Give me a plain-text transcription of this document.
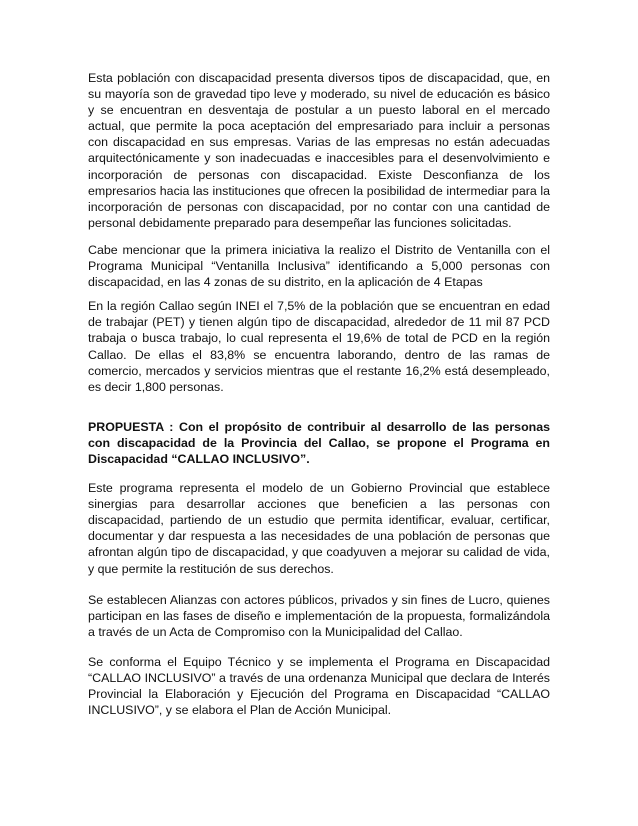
Esta población con discapacidad presenta diversos tipos de discapacidad, que, en su mayoría son de gravedad tipo leve y moderado, su nivel de educación es básico y se encuentran en desventaja de postular a un puesto laboral en el mercado actual, que permite la poca aceptación del empresariado para incluir a personas con discapacidad en sus empresas. Varias de las empresas no están adecuadas arquitectónicamente y son inadecuadas e inaccesibles para el desenvolvimiento e incorporación de personas con discapacidad. Existe Desconfianza de los empresarios hacia las instituciones que ofrecen la posibilidad de intermediar para la incorporación de personas con discapacidad, por no contar con una cantidad de personal debidamente preparado para desempeñar las funciones solicitadas.

Cabe mencionar que la primera iniciativa la realizo el Distrito de Ventanilla con el Programa Municipal “Ventanilla Inclusiva” identificando a 5,000 personas con discapacidad, en las 4 zonas de su distrito, en la aplicación de 4 Etapas

En la región Callao según INEI el 7,5% de la población que se encuentran en edad de trabajar (PET) y tienen algún tipo de discapacidad, alrededor de 11 mil 87 PCD trabaja o busca trabajo, lo cual representa el 19,6% de total de PCD en la región Callao. De ellas el 83,8% se encuentra laborando, dentro de las ramas de comercio, mercados y servicios mientras que el restante 16,2% está desempleado, es decir 1,800 personas.

PROPUESTA : Con el propósito de contribuir al desarrollo de las personas con discapacidad de la Provincia del Callao, se propone el Programa en Discapacidad “CALLAO INCLUSIVO”.

Este programa representa el modelo de un Gobierno Provincial que establece sinergias para desarrollar acciones que beneficien a las personas con discapacidad, partiendo de un estudio que permita identificar, evaluar, certificar, documentar y dar respuesta a las necesidades de una población de personas que afrontan algún tipo de discapacidad, y que coadyuven a mejorar su calidad de vida, y que permite la restitución de sus derechos.

Se establecen Alianzas con actores públicos, privados y sin fines de Lucro, quienes participan en las fases de diseño e implementación de la propuesta, formalizándola a través de un Acta de Compromiso con la Municipalidad del Callao.

Se conforma el Equipo Técnico y se implementa el Programa en Discapacidad “CALLAO INCLUSIVO” a través de una ordenanza Municipal que declara de Interés Provincial la Elaboración y Ejecución del Programa en Discapacidad “CALLAO INCLUSIVO”, y se elabora el Plan de Acción Municipal.
